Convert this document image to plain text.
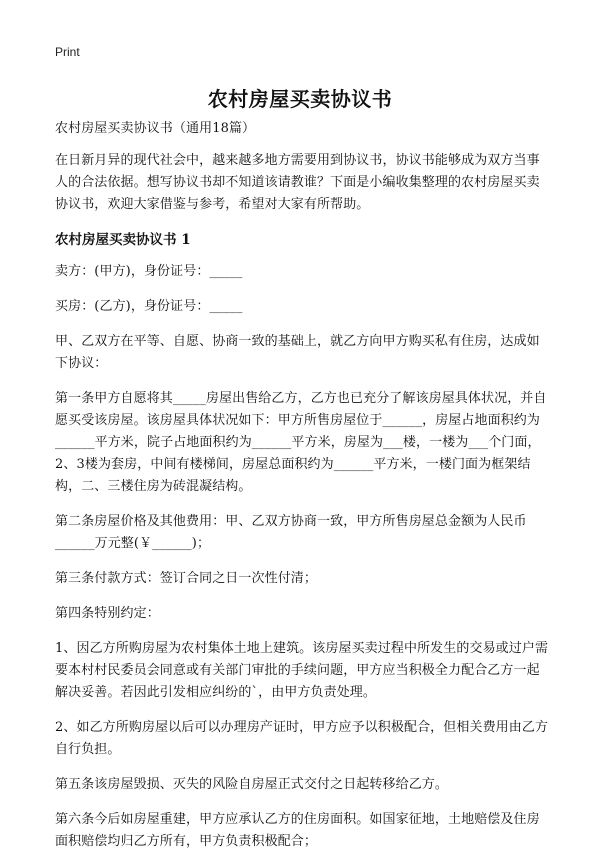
Print
农村房屋买卖协议书

农村房屋买卖协议书（通用18篇）

在日新月异的现代社会中，越来越多地方需要用到协议书，协议书能够成为双方当事人的合法依据。想写协议书却不知道该请教谁？下面是小编收集整理的农村房屋买卖协议书，欢迎大家借鉴与参考，希望对大家有所帮助。

农村房屋买卖协议书 1

卖方：(甲方)，身份证号：_____

买房：(乙方)，身份证号：_____

甲、乙双方在平等、自愿、协商一致的基础上，就乙方向甲方购买私有住房，达成如下协议：

第一条甲方自愿将其_____房屋出售给乙方，乙方也已充分了解该房屋具体状况，并自愿买受该房屋。该房屋具体状况如下：甲方所售房屋位于______，房屋占地面积约为______平方米，院子占地面积约为______平方米，房屋为___楼，一楼为___个门面，2、3楼为套房，中间有楼梯间，房屋总面积约为______平方米，一楼门面为框架结构，二、三楼住房为砖混凝结构。

第二条房屋价格及其他费用：甲、乙双方协商一致，甲方所售房屋总金额为人民币______万元整(￥______)；

第三条付款方式：签订合同之日一次性付清；

第四条特别约定：

1、因乙方所购房屋为农村集体土地上建筑。该房屋买卖过程中所发生的交易或过户需要本村村民委员会同意或有关部门审批的手续问题，甲方应当积极全力配合乙方一起解决妥善。若因此引发相应纠纷的`，由甲方负责处理。

2、如乙方所购房屋以后可以办理房产证时，甲方应予以积极配合，但相关费用由乙方自行负担。

第五条该房屋毁损、灭失的风险自房屋正式交付之日起转移给乙方。

第六条今后如房屋重建，甲方应承认乙方的住房面积。如国家征地，土地赔偿及住房面积赔偿均归乙方所有，甲方负责积极配合；
